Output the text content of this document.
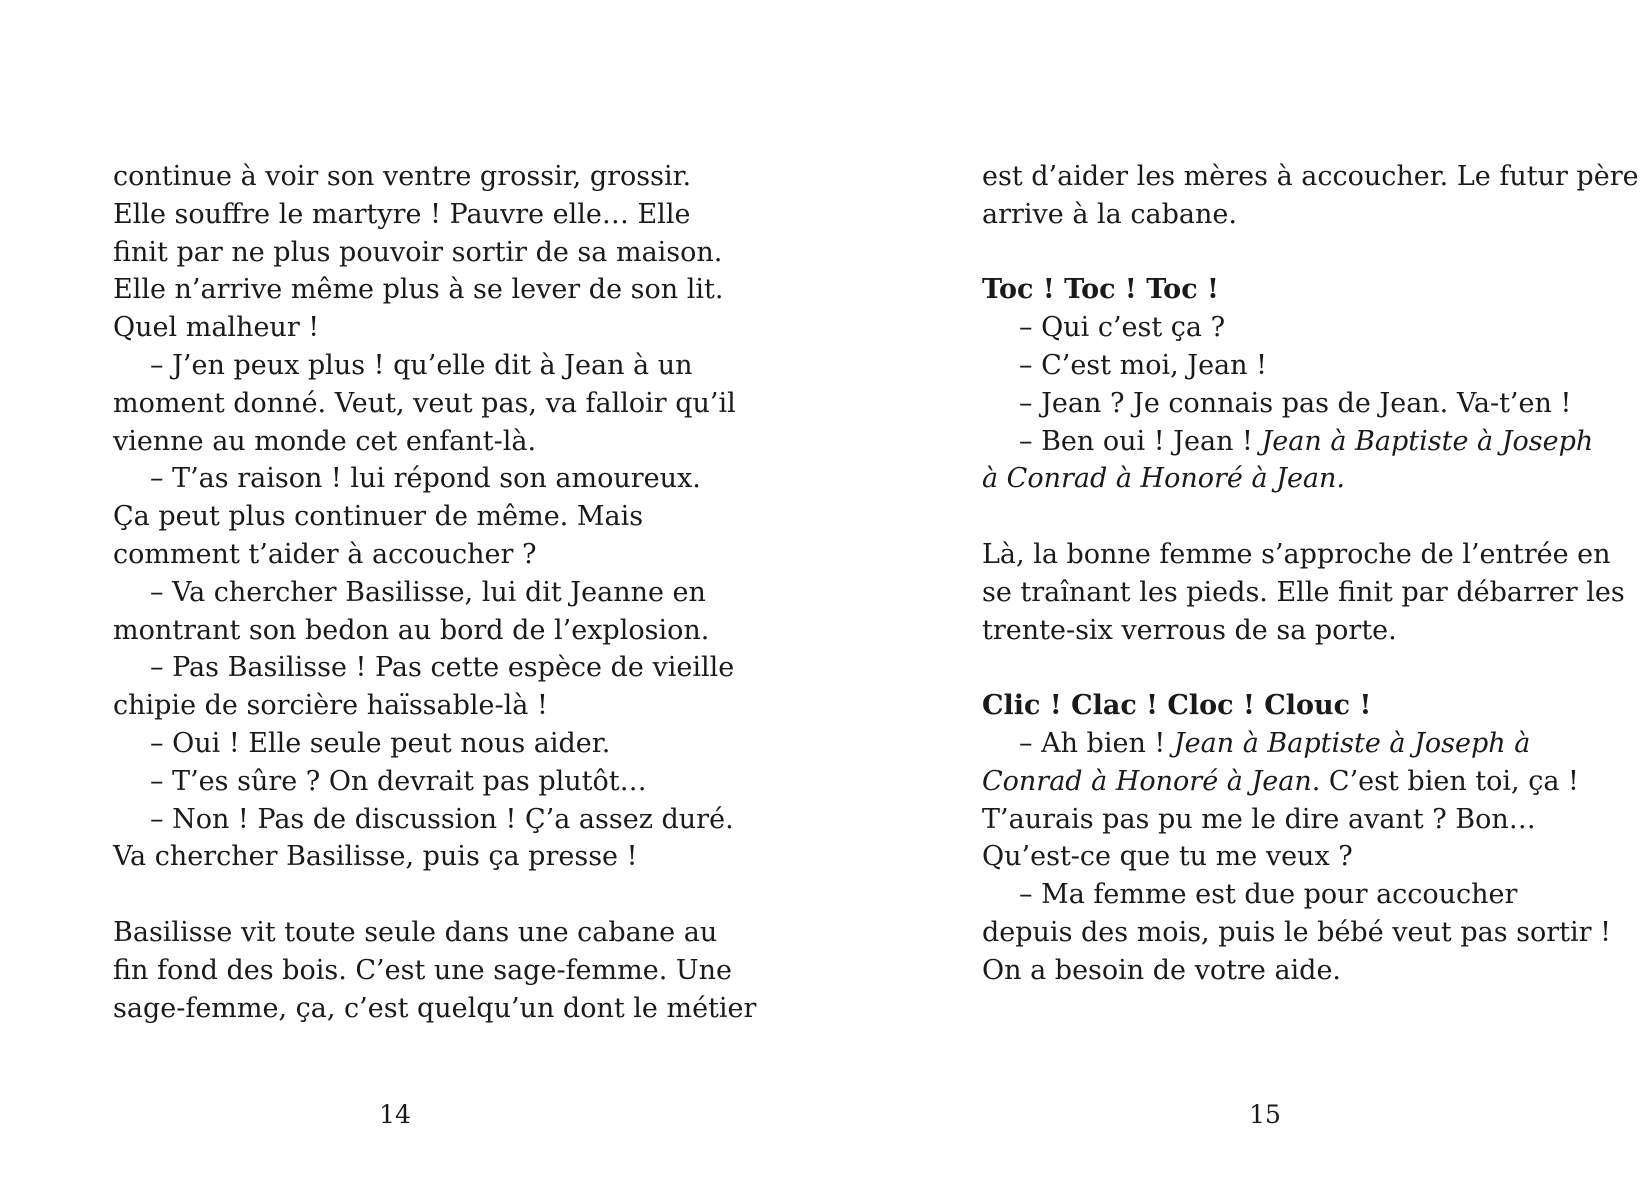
continue à voir son ventre grossir, grossir.
Elle souffre le martyre ! Pauvre elle… Elle
finit par ne plus pouvoir sortir de sa maison.
Elle n’arrive même plus à se lever de son lit.
Quel malheur !
– J’en peux plus ! qu’elle dit à Jean à un
moment donné. Veut, veut pas, va falloir qu’il
vienne au monde cet enfant-là.
– T’as raison ! lui répond son amoureux.
Ça peut plus continuer de même. Mais
comment t’aider à accoucher ?
– Va chercher Basilisse, lui dit Jeanne en
montrant son bedon au bord de l’explosion.
– Pas Basilisse ! Pas cette espèce de vieille
chipie de sorcière haïssable-là !
– Oui ! Elle seule peut nous aider.
– T’es sûre ? On devrait pas plutôt…
– Non ! Pas de discussion ! Ç’a assez duré.
Va chercher Basilisse, puis ça presse !
Basilisse vit toute seule dans une cabane au
fin fond des bois. C’est une sage-femme. Une
sage-femme, ça, c’est quelqu’un dont le métier
14
est d’aider les mères à accoucher. Le futur père
arrive à la cabane.
Toc ! Toc ! Toc !
– Qui c’est ça ?
– C’est moi, Jean !
– Jean ? Je connais pas de Jean. Va-t’en !
– Ben oui ! Jean ! Jean à Baptiste à Joseph
à Conrad à Honoré à Jean.
Là, la bonne femme s’approche de l’entrée en
se traînant les pieds. Elle finit par débarrer les
trente-six verrous de sa porte.
Clic ! Clac ! Cloc ! Clouc !
– Ah bien ! Jean à Baptiste à Joseph à
Conrad à Honoré à Jean. C’est bien toi, ça !
T’aurais pas pu me le dire avant ? Bon…
Qu’est-ce que tu me veux ?
– Ma femme est due pour accoucher
depuis des mois, puis le bébé veut pas sortir !
On a besoin de votre aide.
15
